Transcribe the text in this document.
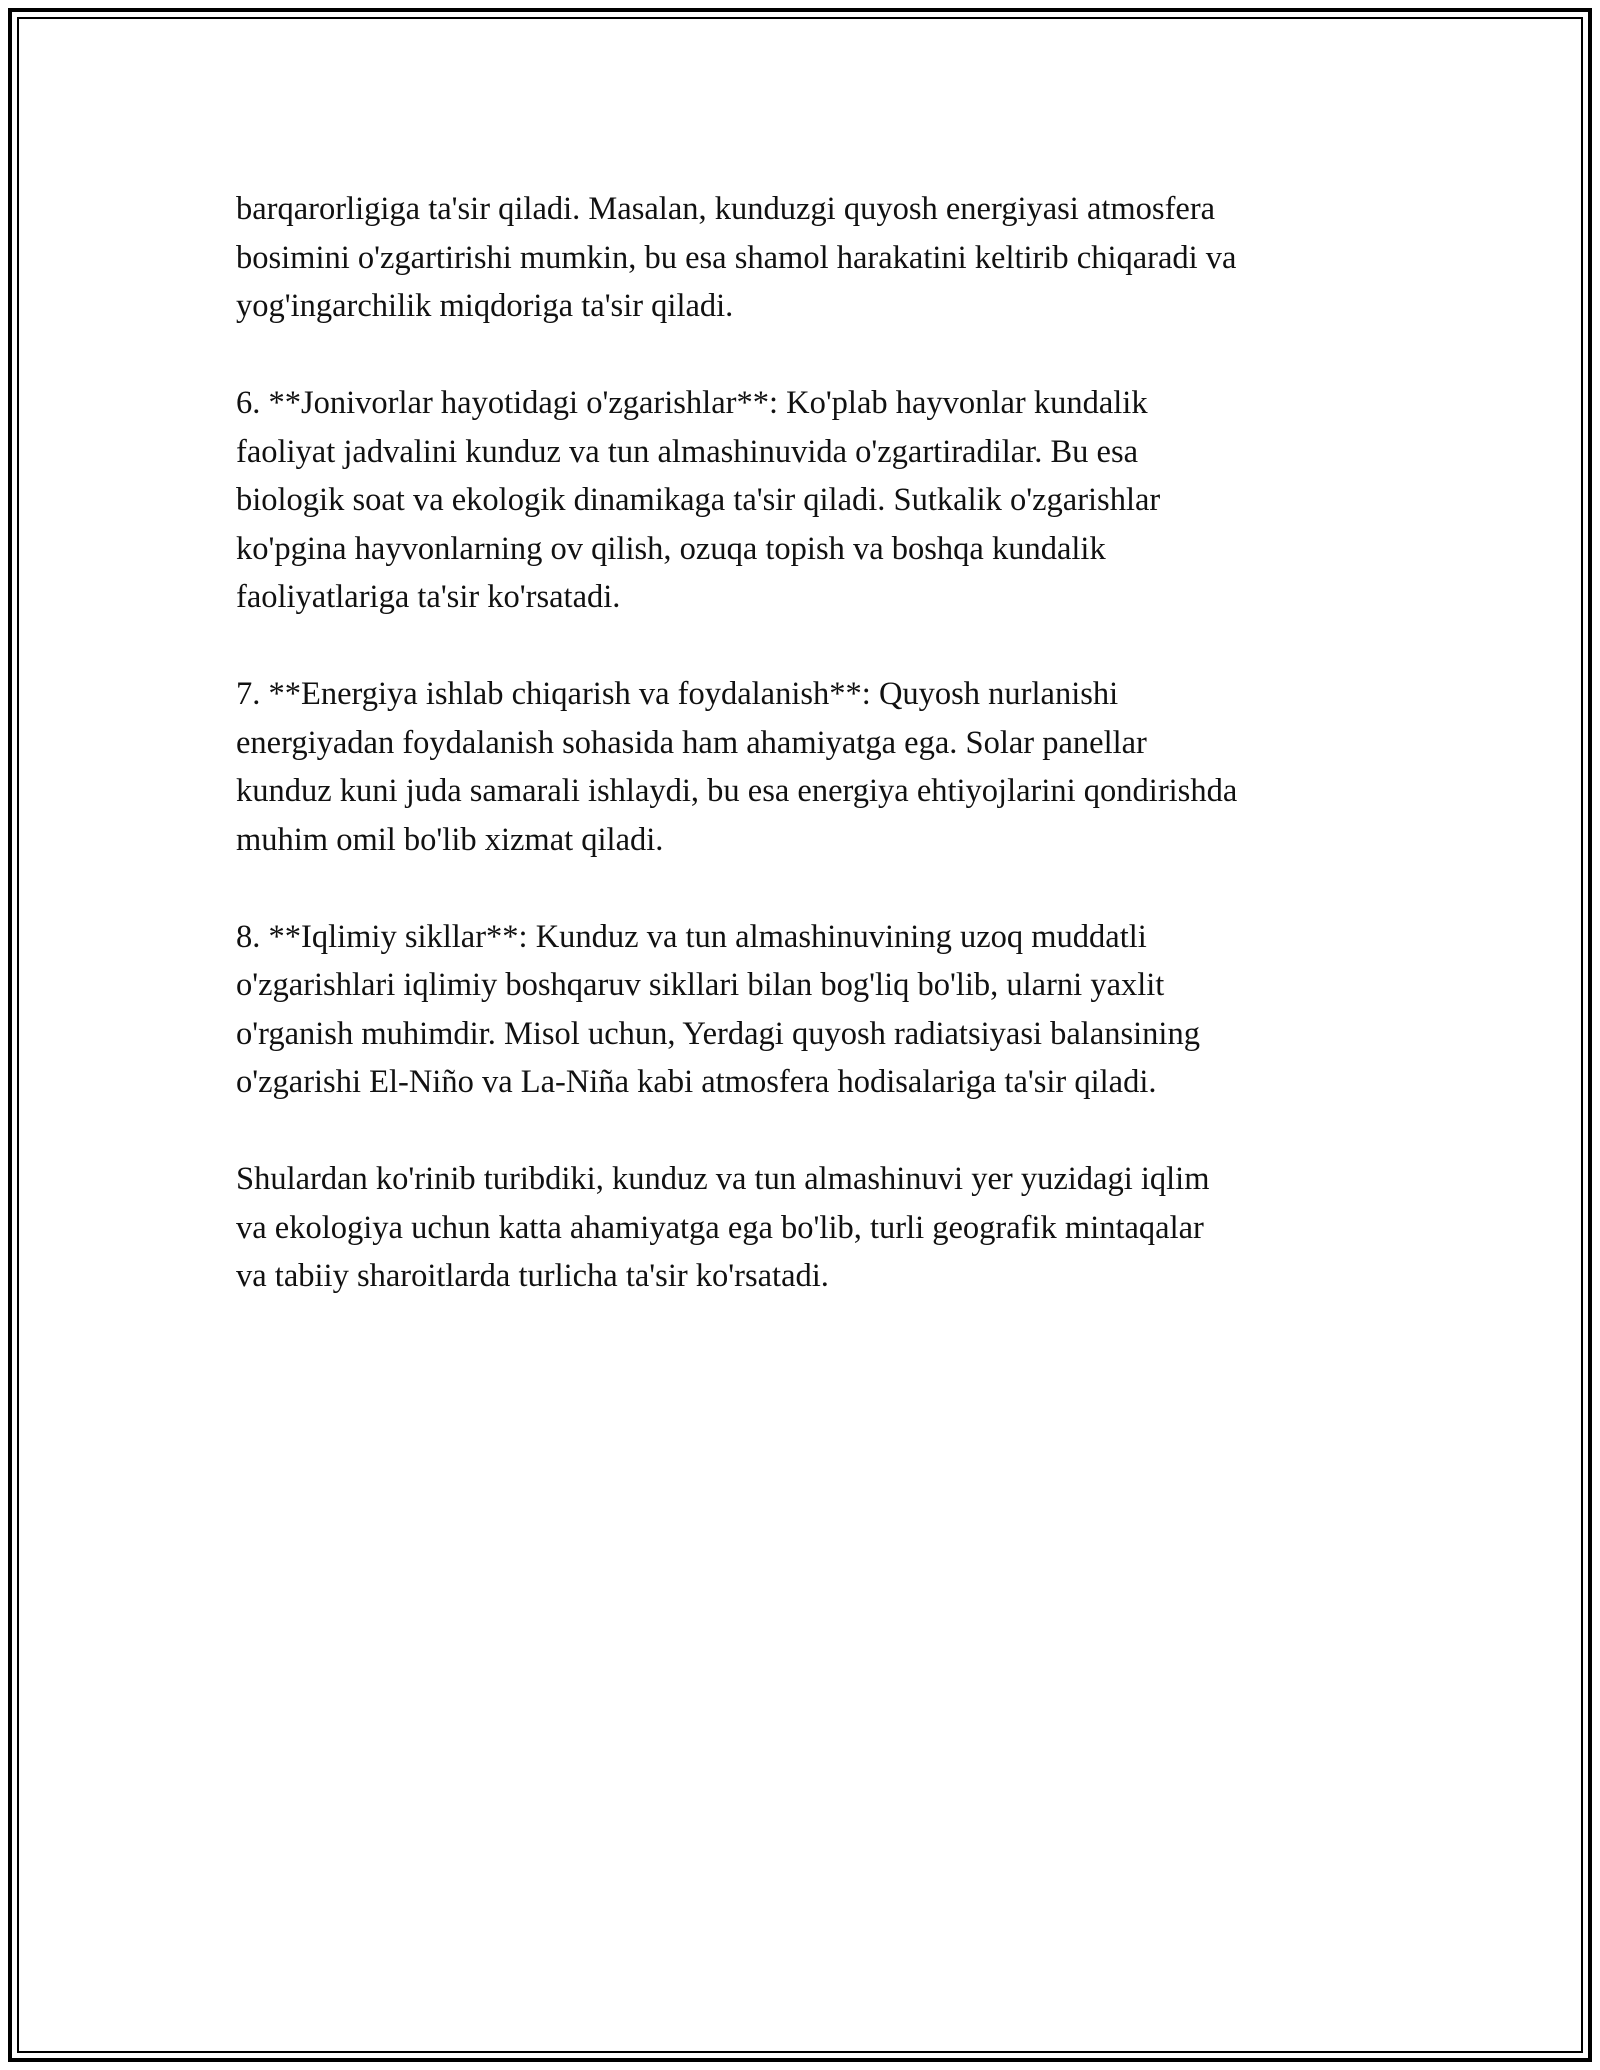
barqarorligiga ta'sir qiladi. Masalan, kunduzgi quyosh energiyasi atmosfera
bosimini o'zgartirishi mumkin, bu esa shamol harakatini keltirib chiqaradi va
yog'ingarchilik miqdoriga ta'sir qiladi.
6. **Jonivorlar hayotidagi o'zgarishlar**: Ko'plab hayvonlar kundalik
faoliyat jadvalini kunduz va tun almashinuvida o'zgartiradilar. Bu esa
biologik soat va ekologik dinamikaga ta'sir qiladi. Sutkalik o'zgarishlar
ko'pgina hayvonlarning ov qilish, ozuqa topish va boshqa kundalik
faoliyatlariga ta'sir ko'rsatadi.
7. **Energiya ishlab chiqarish va foydalanish**: Quyosh nurlanishi
energiyadan foydalanish sohasida ham ahamiyatga ega. Solar panellar
kunduz kuni juda samarali ishlaydi, bu esa energiya ehtiyojlarini qondirishda
muhim omil bo'lib xizmat qiladi.
8. **Iqlimiy sikllar**: Kunduz va tun almashinuvining uzoq muddatli
o'zgarishlari iqlimiy boshqaruv sikllari bilan bog'liq bo'lib, ularni yaxlit
o'rganish muhimdir. Misol uchun, Yerdagi quyosh radiatsiyasi balansining
o'zgarishi El-Niño va La-Niña kabi atmosfera hodisalariga ta'sir qiladi.
Shulardan ko'rinib turibdiki, kunduz va tun almashinuvi yer yuzidagi iqlim
va ekologiya uchun katta ahamiyatga ega bo'lib, turli geografik mintaqalar
va tabiiy sharoitlarda turlicha ta'sir ko'rsatadi.
